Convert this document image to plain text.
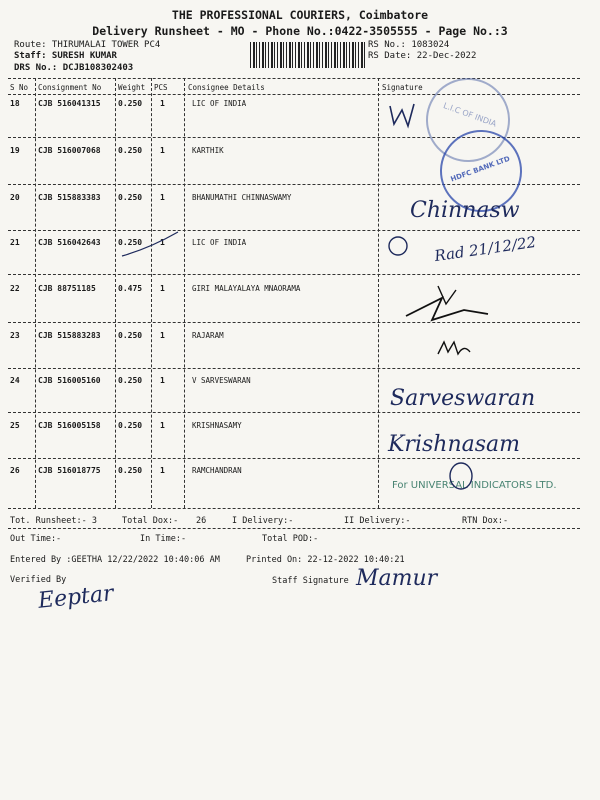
THE PROFESSIONAL COURIERS, Coimbatore
Delivery Runsheet - MO - Phone No.:0422-3505555 - Page No.:3
Route: THIRUMALAI TOWER PC4
Staff: SURESH KUMAR
DRS No.: DCJB108302403
RS No.: 1083024
RS Date: 22-Dec-2022
S No Consignment No Weight PCS	Consignee Details	Signature
18 CJB 516041315 0.250 1	LIC OF INDIA
19 CJB 516007068 0.250 1	KARTHIK
20 CJB 515883383 0.250 1	BHANUMATHI CHINNASWAMY
21 CJB 516042643 0.250 1	LIC OF INDIA
22 CJB 88751185	0.475 1	GIRI MALAYALAYA MNAORAMA
23 CJB 515883283 0.250 1	RAJARAM
24 CJB 516005160 0.250 1	V SARVESWARAN
25 CJB 516005158 0.250 1	KRISHNASAMY
26 CJB 516018775 0.250 1	RAMCHANDRAN
L.I.C OF INDIA
HDFC BANK LTD
For UNIVERSAL INDICATORS LTD.
Chinnasw
Rad 21/12/22
Sarveswaran
Krishnasam
Tot. Runsheet:- 3	Total Dox:- 26	I Delivery:-	II Delivery:-	RTN Dox:-
Out Time:-	In Time:-	Total POD:-
Entered By :GEETHA 12/22/2022 10:40:06 AM	Printed On: 22-12-2022 10:40:21
Verified By	Staff Signature
Eeptar
Mamur
